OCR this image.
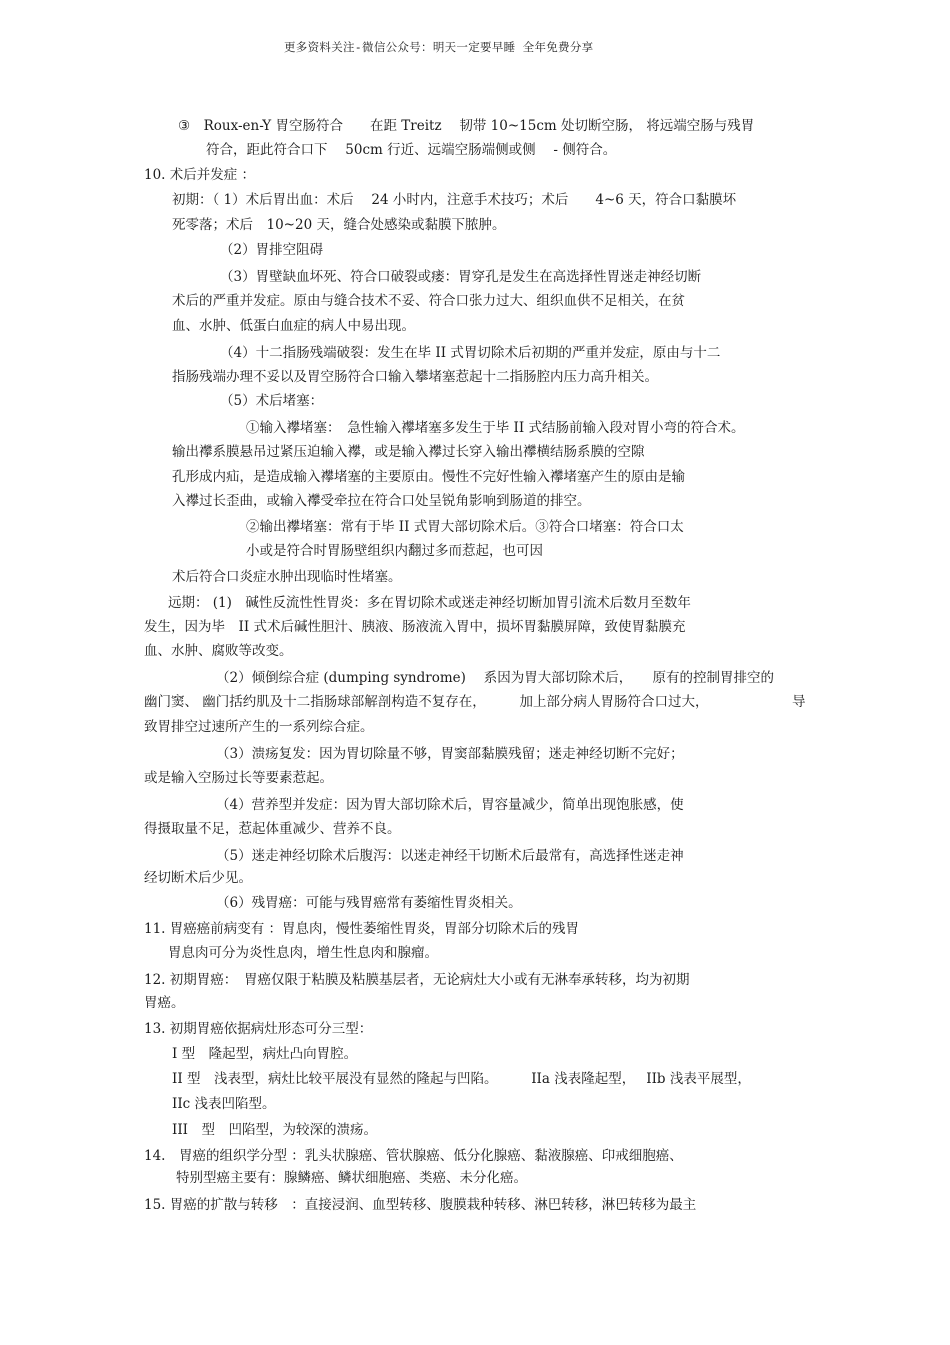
更多资料关注-微信公众号：明天一定要早睡 全年免费分享

③　Roux-en-Y 胃空肠符合　　在距 Treitz　 韧带 10~15cm 处切断空肠， 将远端空肠与残胃

符合，距此符合口下　 50cm 行近、远端空肠端侧或侧　 - 侧符合。

10. 术后并发症 ：

初期：（ 1）术后胃出血：术后　 24 小时内，注意手术技巧；术后　　4~6 天，符合口黏膜坏

死零落；术后　10~20 天，缝合处感染或黏膜下脓肿。

（2）胃排空阻碍

（3）胃壁缺血坏死、符合口破裂或瘘：胃穿孔是发生在高选择性胃迷走神经切断

术后的严重并发症。原由与缝合技术不妥、符合口张力过大、组织血供不足相关，在贫

血、水肿、低蛋白血症的病人中易出现。

（4）十二指肠残端破裂：发生在毕 II 式胃切除术后初期的严重并发症，原由与十二

指肠残端办理不妥以及胃空肠符合口输入攀堵塞惹起十二指肠腔内压力高升相关。

（5）术后堵塞：

①输入襻堵塞：　急性输入襻堵塞多发生于毕 II 式结肠前输入段对胃小弯的符合术。

输出襻系膜悬吊过紧压迫输入襻，或是输入襻过长穿入输出襻横结肠系膜的空隙

孔形成内疝，是造成输入襻堵塞的主要原由。慢性不完好性输入襻堵塞产生的原由是输

入襻过长歪曲，或输入襻受牵拉在符合口处呈锐角影响到肠道的排空。

②输出襻堵塞：常有于毕 II 式胃大部切除术后。③符合口堵塞：符合口太

小或是符合时胃肠壁组织内翻过多而惹起，也可因

术后符合口炎症水肿出现临时性堵塞。

远期： (1)　碱性反流性性胃炎：多在胃切除术或迷走神经切断加胃引流术后数月至数年

发生，因为毕　II 式术后碱性胆汁、胰液、肠液流入胃中，损坏胃黏膜屏障，致使胃黏膜充

血、水肿、腐败等改变。

（2）倾倒综合症 (dumping syndrome)　 系因为胃大部切除术后，　　原有的控制胃排空的

幽门窦、 幽门括约肌及十二指肠球部解剖构造不复存在，　　　加上部分病人胃肠符合口过大，	导

致胃排空过速所产生的一系列综合症。

（3）溃疡复发：因为胃切除量不够，胃窦部黏膜残留；迷走神经切断不完好；

或是输入空肠过长等要素惹起。

（4）营养型并发症：因为胃大部切除术后，胃容量减少，简单出现饱胀感，使

得摄取量不足，惹起体重减少、营养不良。

（5）迷走神经切除术后腹泻：以迷走神经干切断术后最常有，高选择性迷走神

经切断术后少见。

（6）残胃癌：可能与残胃癌常有萎缩性胃炎相关。

11. 胃癌癌前病变有 ：胃息肉，慢性萎缩性胃炎，胃部分切除术后的残胃

胃息肉可分为炎性息肉，增生性息肉和腺瘤。

12. 初期胃癌：　胃癌仅限于粘膜及粘膜基层者，无论病灶大小或有无淋奉承转移，均为初期

胃癌。

13. 初期胃癌依据病灶形态可分三型：

I 型　隆起型，病灶凸向胃腔。

II 型　浅表型，病灶比较平展没有显然的隆起与凹陷。　　　IIa 浅表隆起型，　 IIb 浅表平展型，

IIc 浅表凹陷型。

III　型　凹陷型，为较深的溃疡。

14.　胃癌的组织学分型 ：乳头状腺癌、管状腺癌、低分化腺癌、黏液腺癌、印戒细胞癌、

特别型癌主要有：腺鳞癌、鳞状细胞癌、类癌、未分化癌。

15. 胃癌的扩散与转移　：直接浸润、血型转移、腹膜栽种转移、淋巴转移，淋巴转移为最主
